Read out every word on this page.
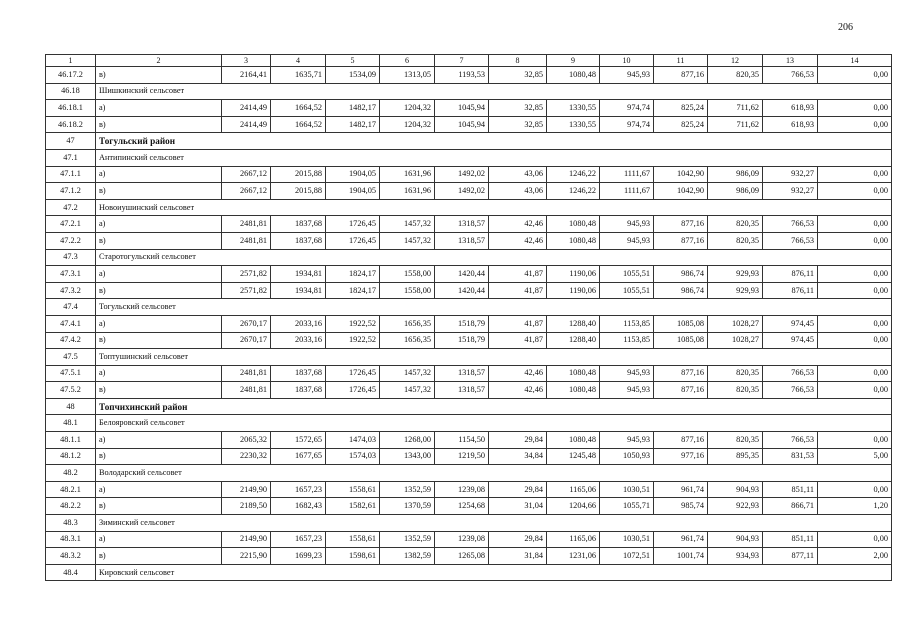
206
1	2	3	4	5	6	7	8	9	10	11	12	13	14
46.17.2	в)	2164,41	1635,71	1534,09	1313,05	1193,53	32,85	1080,48	945,93	877,16	820,35	766,53	0,00
46.18	Шишкинский сельсовет												
46.18.1	а)	2414,49	1664,52	1482,17	1204,32	1045,94	32,85	1330,55	974,74	825,24	711,62	618,93	0,00
46.18.2	в)	2414,49	1664,52	1482,17	1204,32	1045,94	32,85	1330,55	974,74	825,24	711,62	618,93	0,00
47	Тогульский район												
47.1	Антипинский сельсовет												
47.1.1	а)	2667,12	2015,88	1904,05	1631,96	1492,02	43,06	1246,22	1111,67	1042,90	986,09	932,27	0,00
47.1.2	в)	2667,12	2015,88	1904,05	1631,96	1492,02	43,06	1246,22	1111,67	1042,90	986,09	932,27	0,00
47.2	Новоиушинский сельсовет												
47.2.1	а)	2481,81	1837,68	1726,45	1457,32	1318,57	42,46	1080,48	945,93	877,16	820,35	766,53	0,00
47.2.2	в)	2481,81	1837,68	1726,45	1457,32	1318,57	42,46	1080,48	945,93	877,16	820,35	766,53	0,00
47.3	Старотогульский сельсовет												
47.3.1	а)	2571,82	1934,81	1824,17	1558,00	1420,44	41,87	1190,06	1055,51	986,74	929,93	876,11	0,00
47.3.2	в)	2571,82	1934,81	1824,17	1558,00	1420,44	41,87	1190,06	1055,51	986,74	929,93	876,11	0,00
47.4	Тогульский сельсовет												
47.4.1	а)	2670,17	2033,16	1922,52	1656,35	1518,79	41,87	1288,40	1153,85	1085,08	1028,27	974,45	0,00
47.4.2	в)	2670,17	2033,16	1922,52	1656,35	1518,79	41,87	1288,40	1153,85	1085,08	1028,27	974,45	0,00
47.5	Топтушинский сельсовет												
47.5.1	а)	2481,81	1837,68	1726,45	1457,32	1318,57	42,46	1080,48	945,93	877,16	820,35	766,53	0,00
47.5.2	в)	2481,81	1837,68	1726,45	1457,32	1318,57	42,46	1080,48	945,93	877,16	820,35	766,53	0,00
48	Топчихинский район												
48.1	Белояровский сельсовет												
48.1.1	а)	2065,32	1572,65	1474,03	1268,00	1154,50	29,84	1080,48	945,93	877,16	820,35	766,53	0,00
48.1.2	в)	2230,32	1677,65	1574,03	1343,00	1219,50	34,84	1245,48	1050,93	977,16	895,35	831,53	5,00
48.2	Володарский сельсовет												
48.2.1	а)	2149,90	1657,23	1558,61	1352,59	1239,08	29,84	1165,06	1030,51	961,74	904,93	851,11	0,00
48.2.2	в)	2189,50	1682,43	1582,61	1370,59	1254,68	31,04	1204,66	1055,71	985,74	922,93	866,71	1,20
48.3	Зиминский сельсовет												
48.3.1	а)	2149,90	1657,23	1558,61	1352,59	1239,08	29,84	1165,06	1030,51	961,74	904,93	851,11	0,00
48.3.2	в)	2215,90	1699,23	1598,61	1382,59	1265,08	31,84	1231,06	1072,51	1001,74	934,93	877,11	2,00
48.4	Кировский сельсовет												
